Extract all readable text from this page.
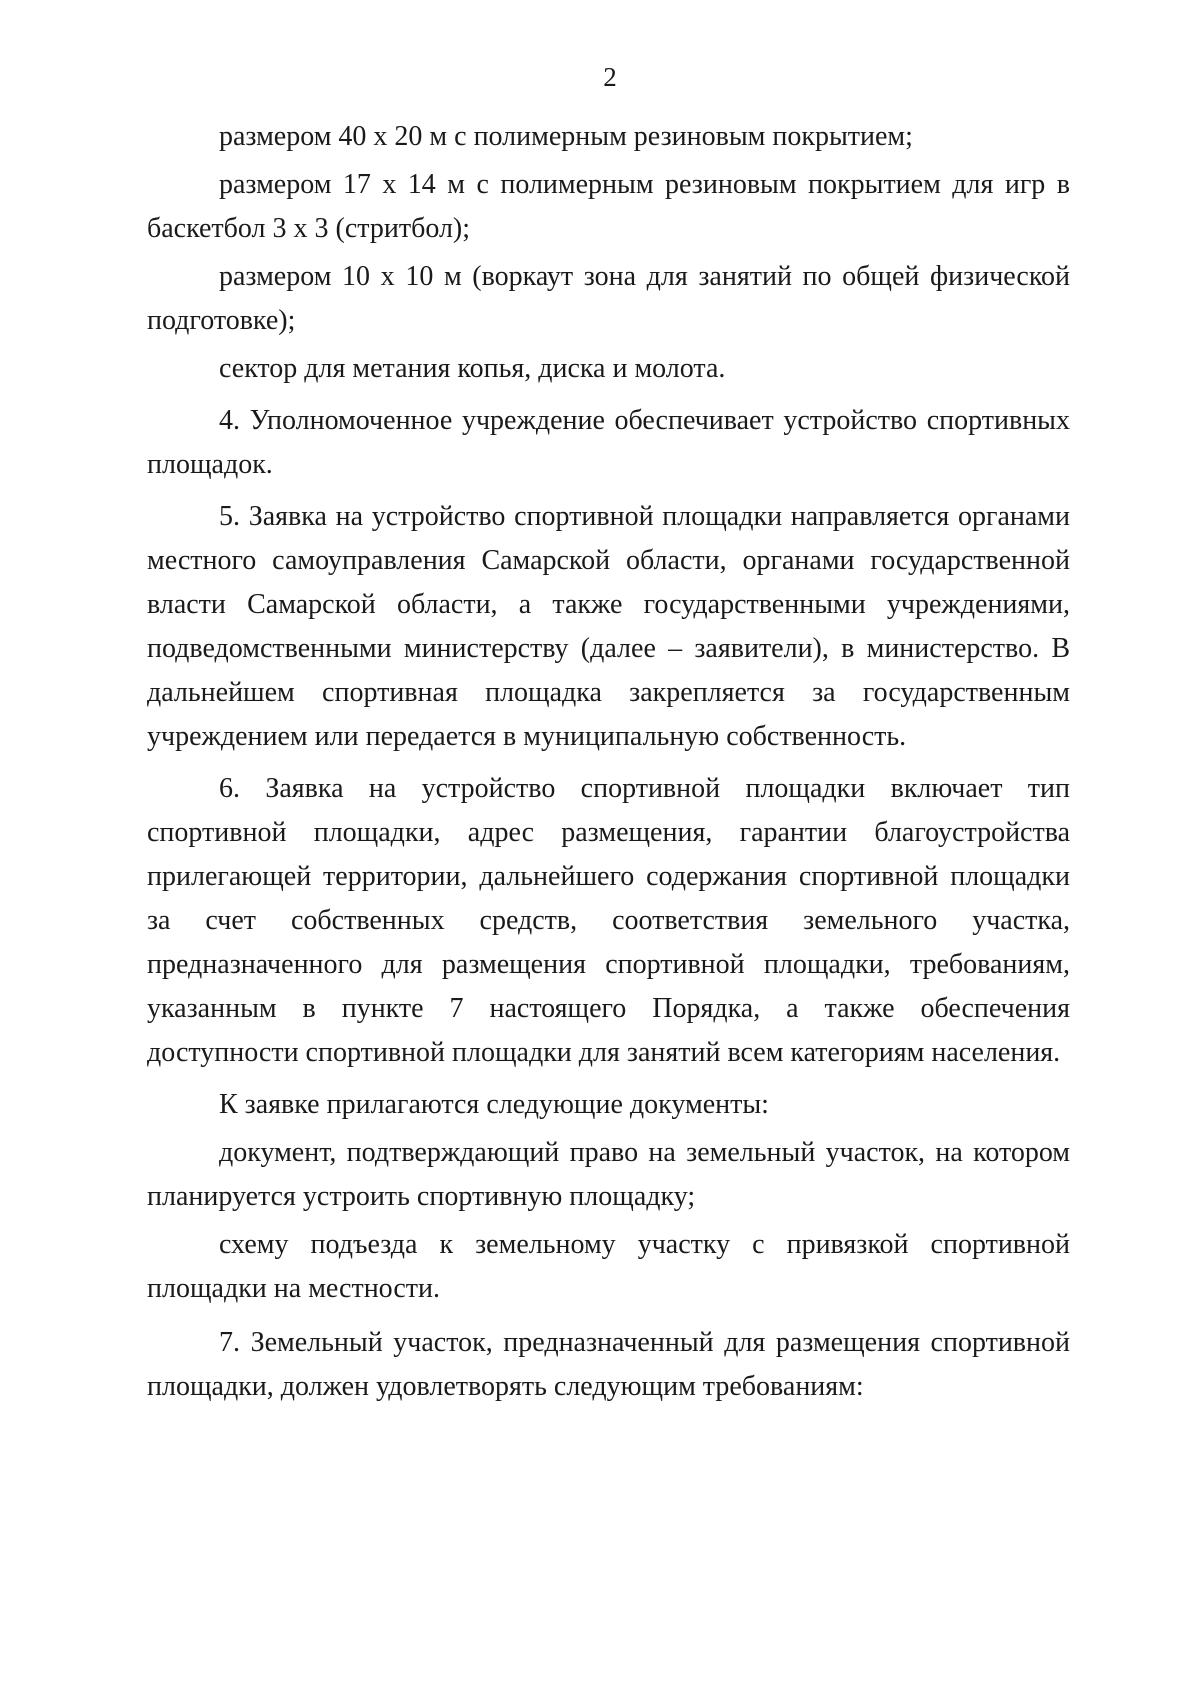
2

размером 40 х 20 м с полимерным резиновым покрытием;

размером 17 х 14 м с полимерным резиновым покрытием для игр в баскетбол 3 х 3 (стритбол);

размером 10 х 10 м (воркаут зона для занятий по общей физической подготовке);

сектор для метания копья, диска и молота.

4. Уполномоченное учреждение обеспечивает устройство спортивных площадок.

5. Заявка на устройство спортивной площадки направляется органами местного самоуправления Самарской области, органами государственной власти Самарской области, а также государственными учреждениями, подведомственными министерству (далее – заявители), в министерство. В дальнейшем спортивная площадка закрепляется за государственным учреждением или передается в муниципальную собственность.

6. Заявка на устройство спортивной площадки включает тип спортивной площадки, адрес размещения, гарантии благоустройства прилегающей территории, дальнейшего содержания спортивной площадки за счет собственных средств, соответствия земельного участка, предназначенного для размещения спортивной площадки, требованиям, указанным в пункте 7 настоящего Порядка, а также обеспечения доступности спортивной площадки для занятий всем категориям населения.

К заявке прилагаются следующие документы:

документ, подтверждающий право на земельный участок, на котором планируется устроить спортивную площадку;

схему подъезда к земельному участку с привязкой спортивной площадки на местности.

7. Земельный участок, предназначенный для размещения спортивной площадки, должен удовлетворять следующим требованиям:
